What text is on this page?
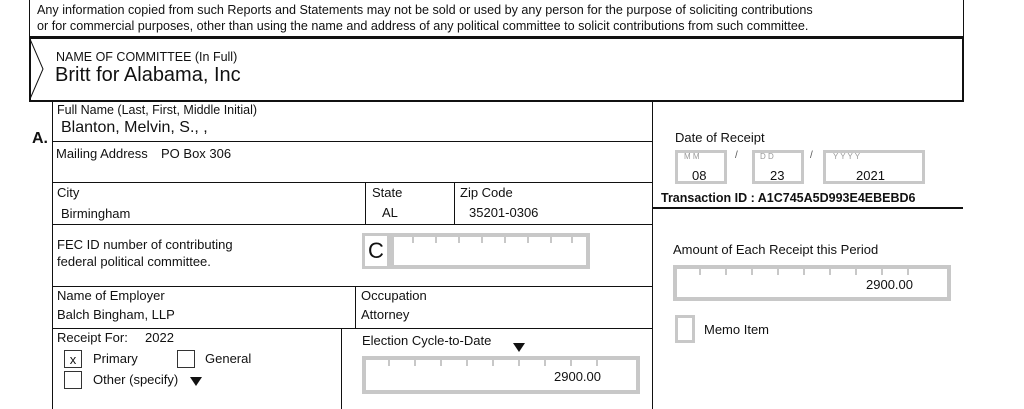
Any information copied from such Reports and Statements may not be sold or used by any person for the purpose of soliciting contributions
or for commercial purposes, other than using the name and address of any political committee to solicit contributions from such committee.
NAME OF COMMITTEE (In Full)
Britt for Alabama, Inc
A.
Full Name (Last, First, Middle Initial)
Blanton, Melvin, S., ,
Mailing Address PO Box 306
City
Birmingham
State
AL
Zip Code
35201-0306
FEC ID number of contributing
federal political committee.	C
Name of Employer
Balch Bingham, LLP
Occupation
Attorney
Receipt For: 2022
x	Primary	General
Other (specify)
Election Cycle-to-Date
2900.00
Date of Receipt
M M
08
/	D D
23
/	Y Y Y Y
2021
Transaction ID : A1C745A5D993E4EBEBD6
Amount of Each Receipt this Period
2900.00
Memo Item
